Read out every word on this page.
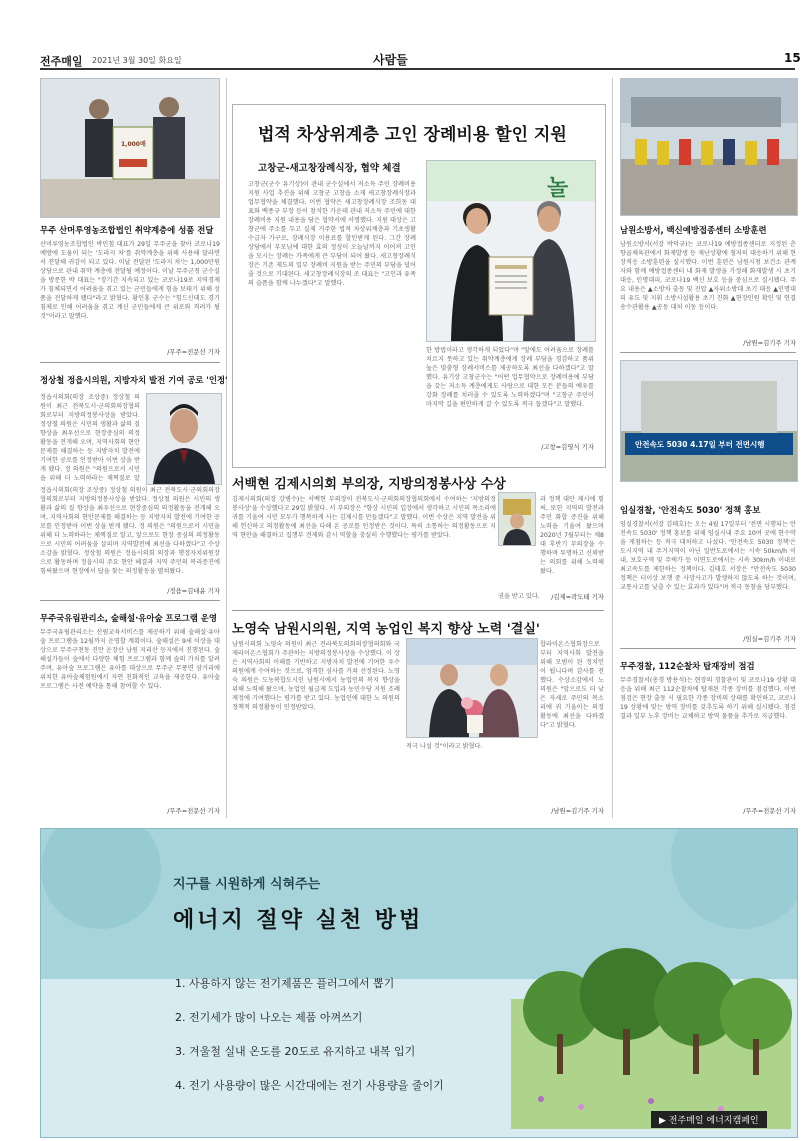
전주매일 2021년 3월 30일 화요일	사람들	15
1,000매
무주 산머루영농조합법인 취약계층에 성품 전달
산머루영농조합법인 박민철 대표가 29일 무주군을 찾아 코로나19 예방에 도움이 되는 '도라지 차'를 취약계층을 위해 사용해 달라면서 전달해 귀감이 되고 있다. 이날 전달된 '도라지 차'는 1,000만원 상당으로 관내 취약 계층에 전달될 예정이다. 이날 무주군청 군수실을 방문한 박 대표는 "장기간 지속되고 있는 코로나19로 지역경제가 침체되면서 어려움을 겪고 있는 군민들에게 힘을 보태기 위해 성품을 전달하게 됐다"라고 밝혔다. 황인홍 군수는 "힘드신데도 경기 침체로 인해 어려움을 겪고 계신 군민들에게 큰 위로와 격려가 될 것"이라고 말했다.
/무주=전문선 기자
정상철 정읍시의원, 지방자치 발전 기여 공로 '인정'
정읍시의회(의장 조상중) 정상철 의원이 최근 전북도시·군의회의장협의회로부터 지방의정봉사상을 받았다. 정상철 의원은 시민의 생활과 삶의 질 향상을 최우선으로 현장중심의 의정활동을 전개해 오며, 지역사회의 현안문제를 해결하는 등 지방자치 발전에 기여한 공로를 인정받아 이번 상을 받게 됐다. 정 의원은 "의원으로서 시민을 위해 더 노력하라는 채찍질로 알
정읍시의회(의장 조상중) 정상철 의원이 최근 전북도시·군의회의장협의회로부터 지방의정봉사상을 받았다. 정상철 의원은 시민의 생활과 삶의 질 향상을 최우선으로 현장중심의 의정활동을 전개해 오며, 지역사회의 현안문제를 해결하는 등 지방자치 발전에 기여한 공로를 인정받아 이번 상을 받게 됐다. 정 의원은 "의원으로서 시민을 위해 더 노력하라는 채찍질로 알고, 앞으로도 현장 중심의 의정활동으로 시민의 어려움을 살피며 지역발전에 최선을 다하겠다"고 수상소감을 밝혔다. 정상철 의원은 정읍시의회 의장과 행정자치위원장으로 활동하며 정읍시의 주요 현안 해결과 지역 주민의 복리증진에 힘써왔으며 현장에서 답을 찾는 의정활동을 펼쳐왔다.
/정읍=김대윤 기자
무주국유림관리소, 숲해설·유아숲 프로그램 운영
무주국유림관리소는 산림교육서비스를 제공하기 위해 숲해설·유아숲 프로그램을 12월까지 운영할 계획이다. 숲해설은 9세 이상을 대상으로 무주구천동 진안 운장산 남원 지리산 등지에서 진행된다. 숲해설가들이 숲에서 다양한 체험 프로그램과 함께 숲의 가치를 알려주며, 유아숲 프로그램은 유아를 대상으로 무주군 무풍면 삼거리에 위치한 유아숲체험원에서 자연 친화적인 교육을 제공한다. 유아숲 프로그램은 사전 예약을 통해 참여할 수 있다.
/무주=전문선 기자
법적 차상위계층 고인 장례비용 할인 지원
고창군-새고창장례식장, 협약 체결
고창군(군수 유기상)이 관내 군수실에서 저소득 주민 장례비용 지원 사업 추진을 위해 고창군 고창읍 소재 새고창장례식장과 업무협약을 체결했다. 이번 협약은 새고창장례식장 조희동 대표와 백종규 부장 등이 참석한 가운데 관내 저소득 주민에 대한 장례비용 지원 내용을 담은 협약서에 서명했다. 지원 대상은 고창군에 주소를 두고 실제 거주한 법적 차상위계층과 기초생활수급자 가구로, 장례식장 이용료를 할인받게 된다. 그간 장례 상담에서 부모님에 대한 효의 정성이 오늘날까지 이어져 고인을 모시는 장례는 가족에게 큰 부담이 되어 왔다. 새고창장례식장은 기존 제도의 일부 장례비 지원을 받는 주민의 부담을 덜어줄 것으로 기대된다. 새고창장례식장의 조 대표는 "고인과 유족의 슬픔을 함께 나누겠다"고 말했다.
놀
한 방법이라고 생각하게 되었다"며 "앞에도 어려움으로 장례를 치르지 못하고 있는 취약계층에게 장례 부담을 경감하고 품위 높은 맞춤형 장례서비스를 제공하도록 최선을 다하겠다"고 말했다. 유기상 고창군수는 "어떤 업무협약으로 장례비용에 부담을 갖는 저소득 계층에게도 사랑으로 대한 모든 분들의 예우를 강화 장례를 치러줄 수 있도록 노력하겠다"며 "고창군 주민이 마지막 길을 편안하게 갈 수 있도록 적극 돕겠다"고 말했다.
/고창=김영식 기자
서백현 김제시의회 부의장, 지방의정봉사상 수상
김제시의회(의장 강병수)는 서백현 부의장이 전북도시·군의회의장협의회에서 수여하는 '지방의정봉사상'을 수상했다고 29일 밝혔다. 서 부의장은 "항상 시민의 입장에서 생각하고 시민의 목소리에 귀를 기울여 시민 모두가 행복하게 사는 김제시를 만들겠다"고 말했다. 이번 수상은 지역 발전을 위해 헌신하고 의정활동에 최선을 다해 온 공로를 인정받은 것이다. 특히 소통하는 의정활동으로 지역 현안을 해결하고 집행부 견제와 감시 역할을 충실히 수행했다는 평가를 받았다.
과 정책 대안 제시에 힘써, 또한 지역의 발전과 주민 화합 증진을 위해 노력을 기울여 왔으며 2020년 7월부터는 제8대 후반기 부의장을 수행하며 투명하고 신뢰받는 의회를 위해 노력해 왔다.
권을 받고 있다.	/김제=곽도태 기자
노영숙 남원시의원, 지역 농업인 복지 향상 노력 '결실'
남원시의회 노영숙 의원이 최근 전라북도의회의장협의회와 국제라이온스협회가 주관하는 지방의정봉사상을 수상했다. 이 상은 지역사회의 이해를 기반하고 지방자치 발전에 기여한 우수 의원에게 수여하는 것으로, 엄격한 심사를 거쳐 선정된다. 노영숙 의원은 도농복합도시인 남원시에서 농업인의 복지 향상을 위해 노력해 왔으며, 농업인 월급제 도입과 농민수당 지원 조례 제정에 기여했다는 평가를 받고 있다. 농업인에 대한 노 의원의 정책적 의정활동이 인정받았다.
합라이온스협회장으로부터 지역사회 발전을 위해 모범이 된 정치인이 됩니다며 감사를 전했다. 수상소감에서 노 의원은 "앞으로도 더 낮은 자세로 주민의 목소리에 귀 기울이는 의정활동에 최선을 다하겠다"고 밝혔다.
적극 나설 것"이라고 밝혔다.
/남원=김기주 기자
남원소방서, 백신예방접종센터 소방훈련
남원소방서(서장 박덕규)는 코로나19 예방접종센터로 지정된 춘향골체육관에서 화재발생 등 재난상황에 철저히 대응하기 위해 현장적응 소방훈련을 실시했다. 이번 훈련은 남원시청 보건소 관계자와 함께 예방접종센터 내 화재 발생을 가정해 화재발생 시 초기대응, 인명대피, 코로나19 백신 보호 등을 중심으로 실시됐다. 주요 내용은 ▲소방차 출동 및 진압 ▲자위소방대 초기 대응 ▲인명대피 유도 및 지휘 소방시설활용 초기 진화 ▲현장인원 확인 및 연결송수관활용 ▲공동 대처 이동 등이다.
/남원=김기주 기자
안전속도 5030 4.17일 부터 전면시행
임실경찰, '안전속도 5030' 정책 홍보
임실경찰서(서장 김태호)는 오는 4월 17일부터 '전면 시행되는 안전속도 5030' 정책 홍보를 위해 임실시내 주요 10여 곳에 현수막을 게첨하는 등 적극 대처하고 나섰다. '안전속도 5030 정책'은 도시지역 내 주거지역이 아닌 일반도로에서는 시속 50km/h 이내, 보호구역 및 주택가 등 이면도로에서는 시속 30km/h 이내로 최고속도를 제한하는 정책이다. 김태호 서장은 "안전속도 5030 정책은 더이상 보행 중 사망사고가 발생하지 않도록 하는 것이며, 교통사고를 낮출 수 있는 효과가 있다"며 적극 동참을 당부했다.
/임실=김기주 기자
무주경찰, 112순찰차 탑재장비 점검
무주경찰서(총경 방용석)는 현장의 경찰관이 및 코로나19 상황 대응을 위해 최근 112순찰차에 탑재된 각종 장비를 점검했다. 이번 점검은 현장 출동 시 필요한 각종 장비의 상태를 확인하고, 코로나19 상황에 맞는 방역 장비를 갖추도록 하기 위해 실시됐다. 점검 결과 일부 노후 장비는 교체하고 방역 물품을 추가로 지급했다.
/무주=전문선 기자
지구를 시원하게 식혀주는
에너지 절약 실천 방법
1. 사용하지 않는 전기제품은 플러그에서 뽑기
2. 전기세가 많이 나오는 제품 아껴쓰기
3. 겨울철 실내 온도를 20도로 유지하고 내복 입기
4. 전기 사용량이 많은 시간대에는 전기 사용량을 줄이기
▶ 전주매일 에너지캠페인
